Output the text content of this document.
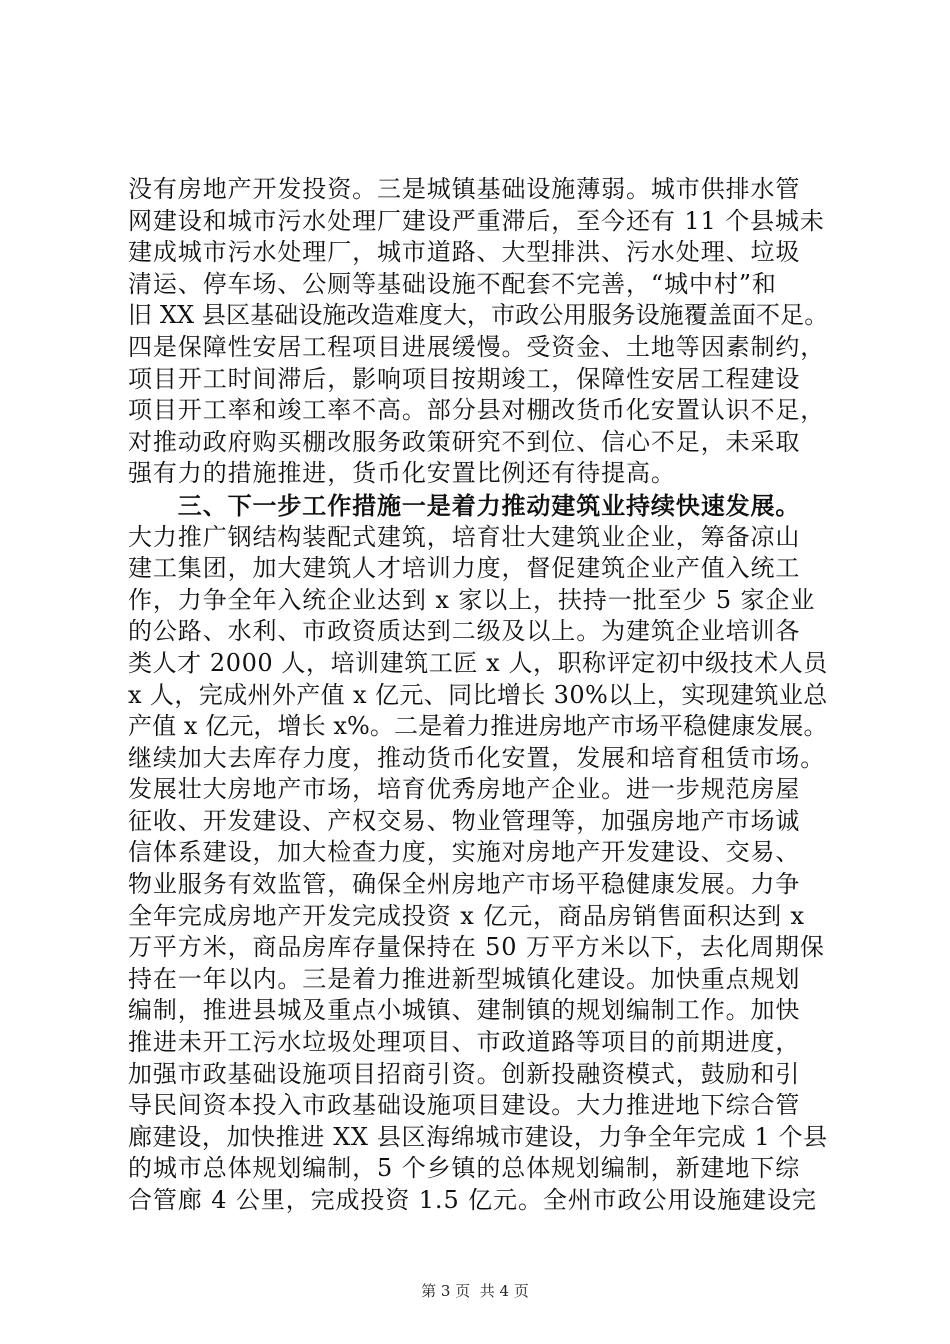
没有房地产开发投资。三是城镇基础设施薄弱。城市供排水管
网建设和城市污水处理厂建设严重滞后，至今还有 11 个县城未
建成城市污水处理厂，城市道路、大型排洪、污水处理、垃圾
清运、停车场、公厕等基础设施不配套不完善，“城中村”和
旧 XX 县区基础设施改造难度大，市政公用服务设施覆盖面不足。
四是保障性安居工程项目进展缓慢。受资金、土地等因素制约，
项目开工时间滞后，影响项目按期竣工，保障性安居工程建设
项目开工率和竣工率不高。部分县对棚改货币化安置认识不足，
对推动政府购买棚改服务政策研究不到位、信心不足，未采取
强有力的措施推进，货币化安置比例还有待提高。
　　三、下一步工作措施一是着力推动建筑业持续快速发展。
大力推广钢结构装配式建筑，培育壮大建筑业企业，筹备凉山
建工集团，加大建筑人才培训力度，督促建筑企业产值入统工
作，力争全年入统企业达到 x 家以上，扶持一批至少 5 家企业
的公路、水利、市政资质达到二级及以上。为建筑企业培训各
类人才 2000 人，培训建筑工匠 x 人，职称评定初中级技术人员
x 人，完成州外产值 x 亿元、同比增长 30%以上，实现建筑业总
产值 x 亿元，增长 x%。二是着力推进房地产市场平稳健康发展。
继续加大去库存力度，推动货币化安置，发展和培育租赁市场。
发展壮大房地产市场，培育优秀房地产企业。进一步规范房屋
征收、开发建设、产权交易、物业管理等，加强房地产市场诚
信体系建设，加大检查力度，实施对房地产开发建设、交易、
物业服务有效监管，确保全州房地产市场平稳健康发展。力争
全年完成房地产开发完成投资 x 亿元，商品房销售面积达到 x
万平方米，商品房库存量保持在 50 万平方米以下，去化周期保
持在一年以内。三是着力推进新型城镇化建设。加快重点规划
编制，推进县城及重点小城镇、建制镇的规划编制工作。加快
推进未开工污水垃圾处理项目、市政道路等项目的前期进度，
加强市政基础设施项目招商引资。创新投融资模式，鼓励和引
导民间资本投入市政基础设施项目建设。大力推进地下综合管
廊建设，加快推进 XX 县区海绵城市建设，力争全年完成 1 个县
的城市总体规划编制，5 个乡镇的总体规划编制，新建地下综
合管廊 4 公里，完成投资 1.5 亿元。全州市政公用设施建设完
第 3 页  共 4 页
